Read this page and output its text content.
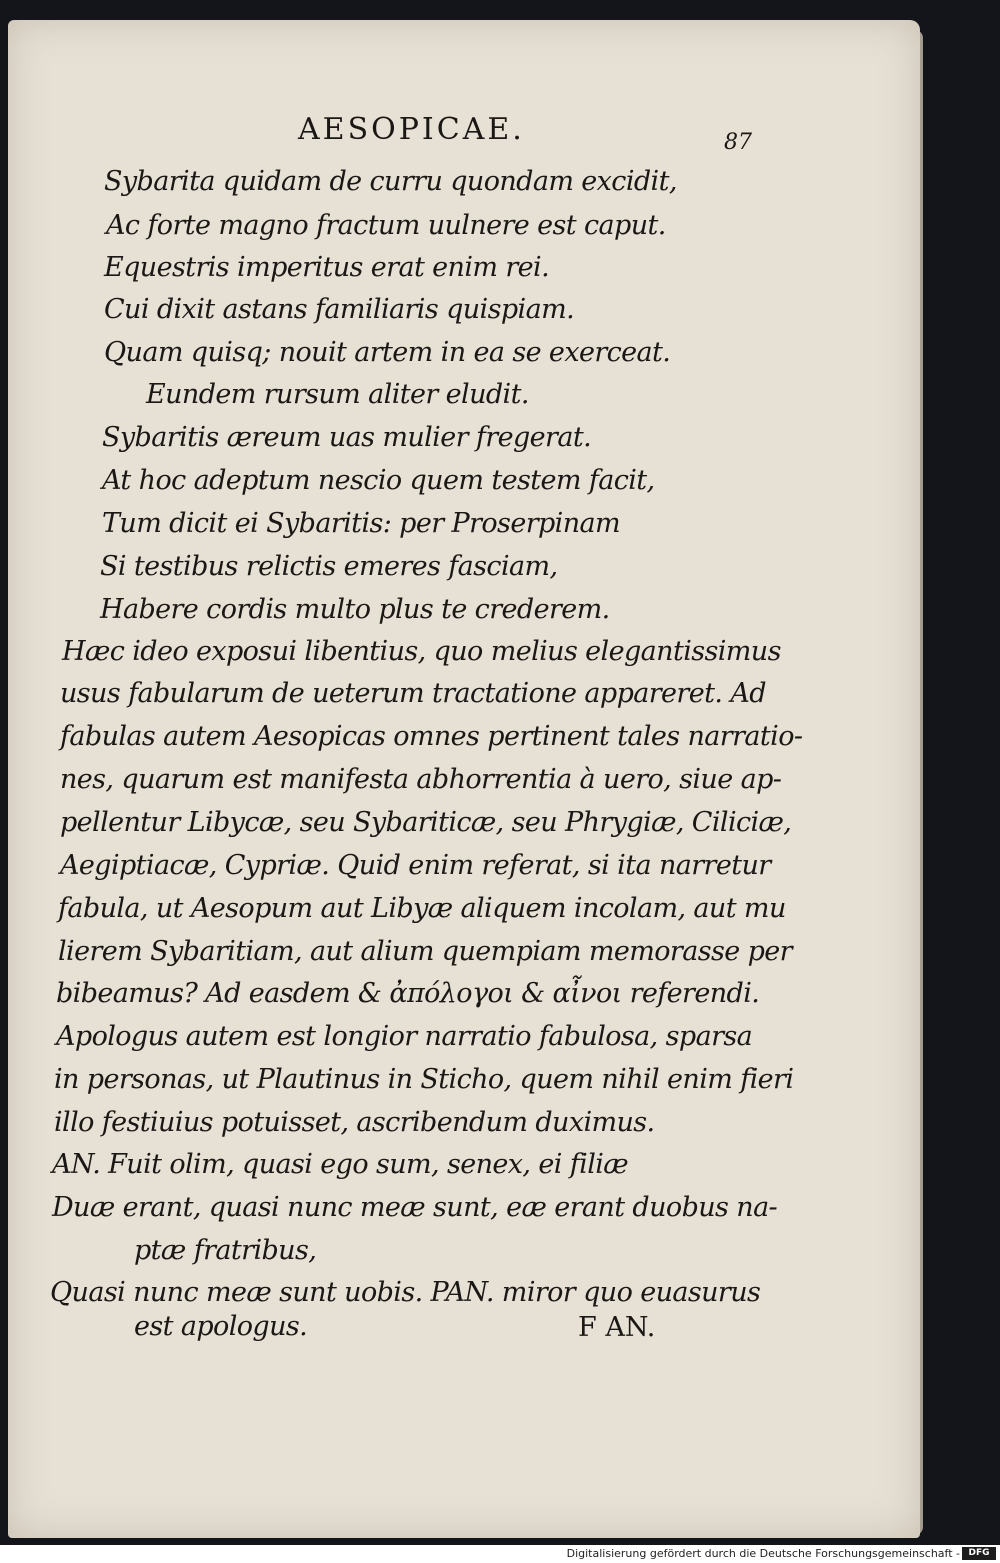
AESOPICAE.	87
Sybarita quidam de curru quondam excidit,
Ac forte magno fractum uulnere est caput.
Equestris imperitus erat enim rei.
Cui dixit astans familiaris quispiam.
Quam quisq; nouit artem in ea se exerceat.
Eundem rursum aliter eludit.
Sybaritis æreum uas mulier fregerat.
At hoc adeptum nescio quem testem facit,
Tum dicit ei Sybaritis: per Proserpinam
Si testibus relictis emeres fasciam,
Habere cordis multo plus te crederem.
Hæc ideo exposui libentius, quo melius elegantissimus
usus fabularum de ueterum tractatione appareret. Ad
fabulas autem Aesopicas omnes pertinent tales narratio-
nes, quarum est manifesta abhorrentia à uero, siue ap-
pellentur Libycæ, seu Sybariticæ, seu Phrygiæ, Ciliciæ,
Aegiptiacæ, Cypriæ. Quid enim referat, si ita narretur
fabula, ut Aesopum aut Libyæ aliquem incolam, aut mu
lierem Sybaritiam, aut alium quempiam memorasse per
bibeamus? Ad easdem & ἀπόλογοι & αἶνοι referendi.
Apologus autem est longior narratio fabulosa, sparsa
in personas, ut Plautinus in Sticho, quem nihil enim fieri
illo festiuius potuisset, ascribendum duximus.
AN. Fuit olim, quasi ego sum, senex, ei filiæ
Duæ erant, quasi nunc meæ sunt, eæ erant duobus na-
ptæ fratribus,
Quasi nunc meæ sunt uobis. PAN. miror quo euasurus
est apologus.	F AN.
Digitalisierung gefördert durch die Deutsche Forschungsgemeinschaft - DFG
